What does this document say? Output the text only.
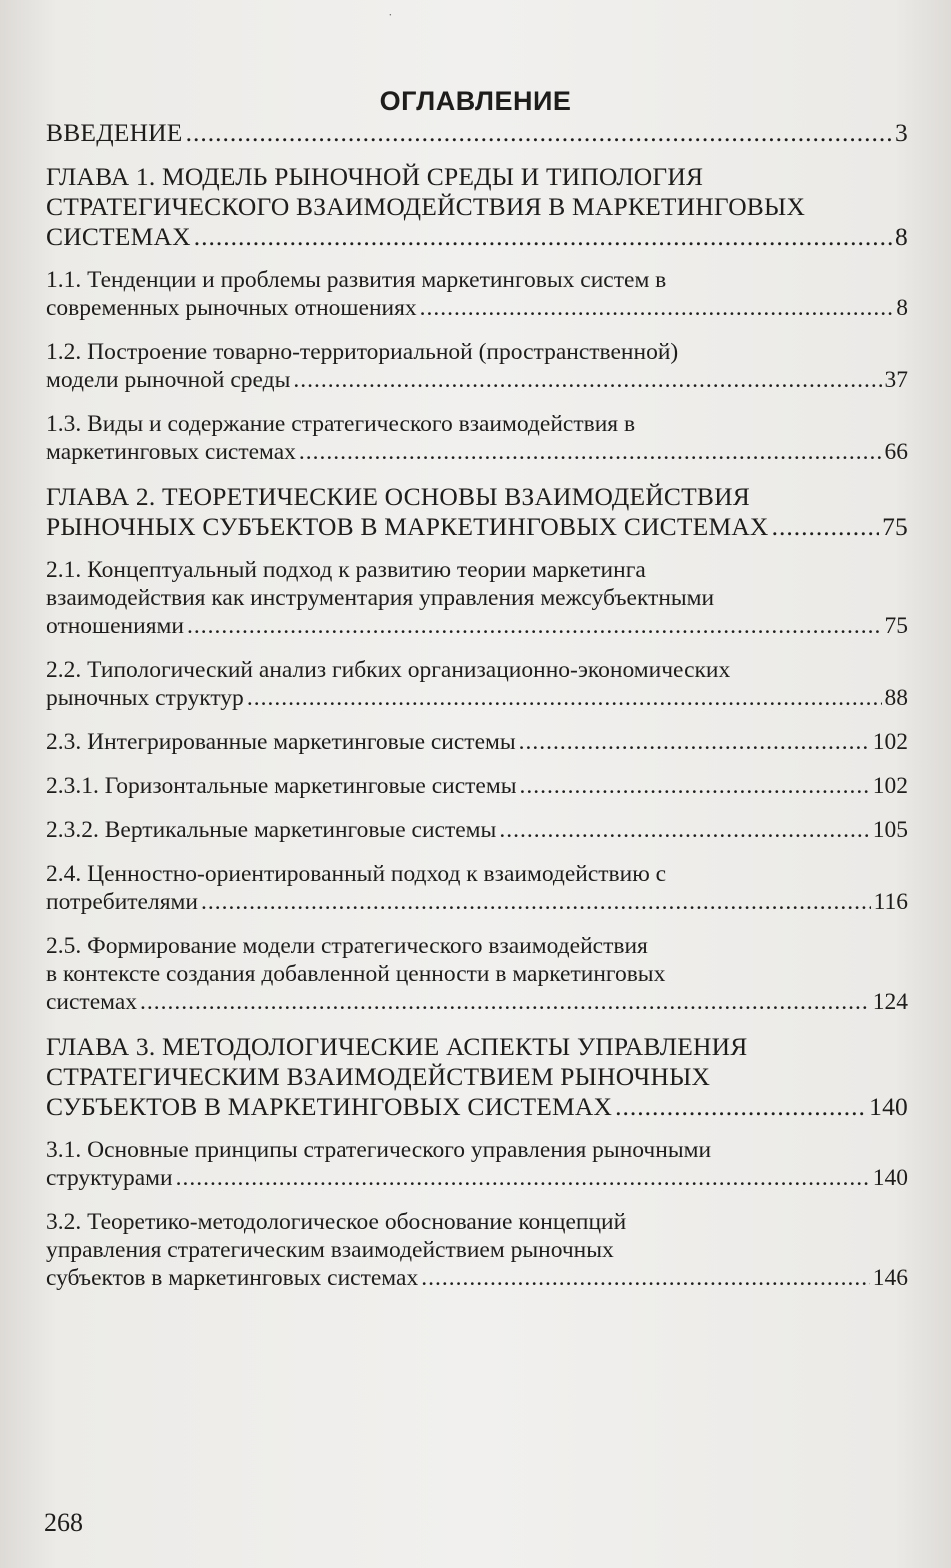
˙
ОГЛАВЛЕНИЕ
ВВЕДЕНИЕ .....	3
ГЛАВА 1. МОДЕЛЬ РЫНОЧНОЙ СРЕДЫ И ТИПОЛОГИЯ
СТРАТЕГИЧЕСКОГО ВЗАИМОДЕЙСТВИЯ В МАРКЕТИНГОВЫХ
СИСТЕМАХ .....	8
1.1. Тенденции и проблемы развития маркетинговых систем в
современных рыночных отношениях .....	8
1.2. Построение товарно-территориальной (пространственной)
модели рыночной среды .....	37
1.3. Виды и содержание стратегического взаимодействия в
маркетинговых системах .....	66
ГЛАВА 2. ТЕОРЕТИЧЕСКИЕ ОСНОВЫ ВЗАИМОДЕЙСТВИЯ
РЫНОЧНЫХ СУБЪЕКТОВ В МАРКЕТИНГОВЫХ СИСТЕМАХ .....	75
2.1. Концептуальный подход к развитию теории маркетинга
взаимодействия как инструментария управления межсубъектными
отношениями .....	75
2.2. Типологический анализ гибких организационно-экономических
рыночных структур .....	88
2.3. Интегрированные маркетинговые системы .....	102
2.3.1. Горизонтальные маркетинговые системы .....	102
2.3.2. Вертикальные маркетинговые системы .....	105
2.4. Ценностно-ориентированный подход к взаимодействию с
потребителями .....	116
2.5. Формирование модели стратегического взаимодействия
в контексте создания добавленной ценности в маркетинговых
системах .....	124
ГЛАВА 3. МЕТОДОЛОГИЧЕСКИЕ АСПЕКТЫ УПРАВЛЕНИЯ
СТРАТЕГИЧЕСКИМ ВЗАИМОДЕЙСТВИЕМ РЫНОЧНЫХ
СУБЪЕКТОВ В МАРКЕТИНГОВЫХ СИСТЕМАХ .....	140
3.1. Основные принципы стратегического управления рыночными
структурами .....	140
3.2. Теоретико-методологическое обоснование концепций
управления стратегическим взаимодействием рыночных
субъектов в маркетинговых системах .....	146
268
